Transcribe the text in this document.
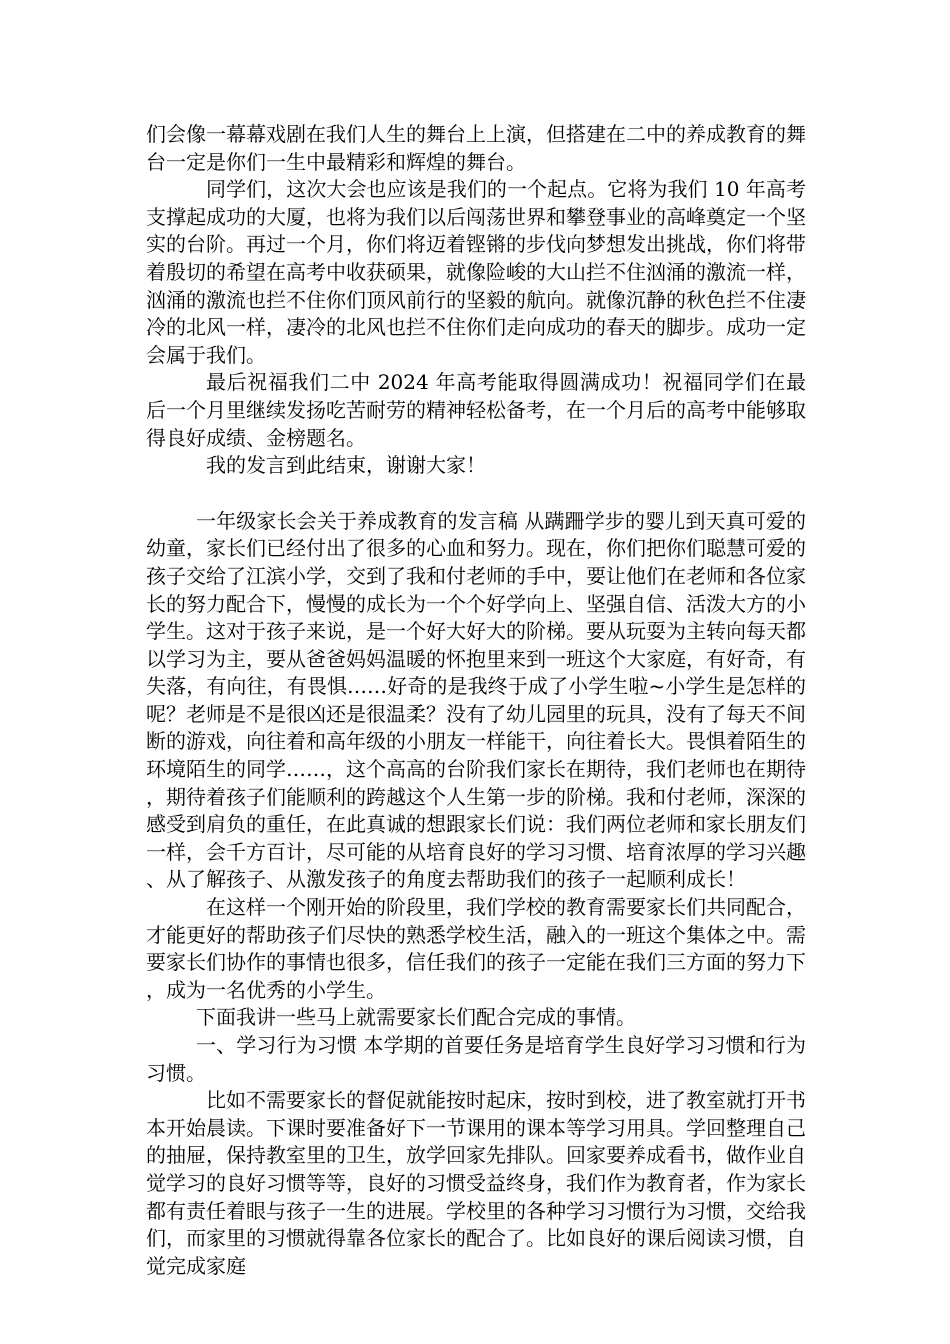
们会像一幕幕戏剧在我们人生的舞台上上演，但搭建在二中的养成教育的舞台一定是你们一生中最精彩和辉煌的舞台。

同学们，这次大会也应该是我们的一个起点。它将为我们 10 年高考支撑起成功的大厦，也将为我们以后闯荡世界和攀登事业的高峰奠定一个坚实的台阶。再过一个月，你们将迈着铿锵的步伐向梦想发出挑战，你们将带着殷切的希望在高考中收获硕果，就像险峻的大山拦不住汹涌的激流一样，汹涌的激流也拦不住你们顶风前行的坚毅的航向。就像沉静的秋色拦不住凄冷的北风一样，凄冷的北风也拦不住你们走向成功的春天的脚步。成功一定会属于我们。

最后祝福我们二中 2024 年高考能取得圆满成功！祝福同学们在最后一个月里继续发扬吃苦耐劳的精神轻松备考，在一个月后的高考中能够取得良好成绩、金榜题名。

我的发言到此结束，谢谢大家！

一年级家长会关于养成教育的发言稿 从蹒跚学步的婴儿到天真可爱的幼童，家长们已经付出了很多的心血和努力。现在，你们把你们聪慧可爱的孩子交给了江滨小学，交到了我和付老师的手中，要让他们在老师和各位家长的努力配合下，慢慢的成长为一个个好学向上、坚强自信、活泼大方的小学生。这对于孩子来说，是一个好大好大的阶梯。要从玩耍为主转向每天都以学习为主，要从爸爸妈妈温暖的怀抱里来到一班这个大家庭，有好奇，有失落，有向往，有畏惧……好奇的是我终于成了小学生啦~小学生是怎样的呢？老师是不是很凶还是很温柔？没有了幼儿园里的玩具，没有了每天不间断的游戏，向往着和高年级的小朋友一样能干，向往着长大。畏惧着陌生的环境陌生的同学……，这个高高的台阶我们家长在期待，我们老师也在期待，期待着孩子们能顺利的跨越这个人生第一步的阶梯。我和付老师，深深的感受到肩负的重任，在此真诚的想跟家长们说：我们两位老师和家长朋友们一样，会千方百计，尽可能的从培育良好的学习习惯、培育浓厚的学习兴趣、从了解孩子、从激发孩子的角度去帮助我们的孩子一起顺利成长！

在这样一个刚开始的阶段里，我们学校的教育需要家长们共同配合，才能更好的帮助孩子们尽快的熟悉学校生活，融入的一班这个集体之中。需要家长们协作的事情也很多，信任我们的孩子一定能在我们三方面的努力下，成为一名优秀的小学生。

下面我讲一些马上就需要家长们配合完成的事情。

一、学习行为习惯 本学期的首要任务是培育学生良好学习习惯和行为习惯。

比如不需要家长的督促就能按时起床，按时到校，进了教室就打开书本开始晨读。下课时要准备好下一节课用的课本等学习用具。学回整理自己的抽屉，保持教室里的卫生，放学回家先排队。回家要养成看书，做作业自觉学习的良好习惯等等，良好的习惯受益终身，我们作为教育者，作为家长都有责任着眼与孩子一生的进展。学校里的各种学习习惯行为习惯，交给我们，而家里的习惯就得靠各位家长的配合了。比如良好的课后阅读习惯，自觉完成家庭
